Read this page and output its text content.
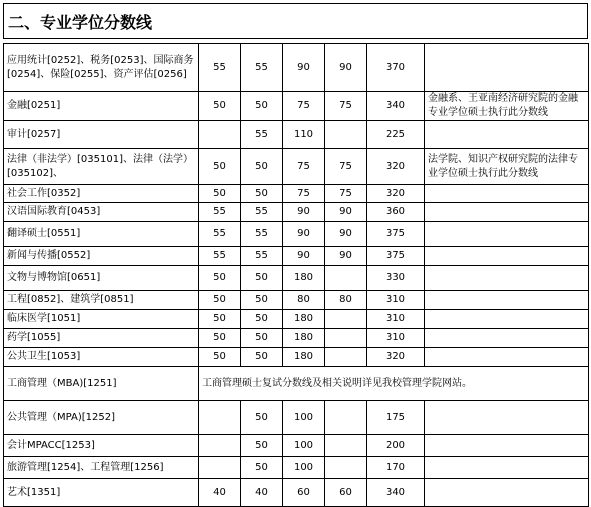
二、专业学位分数线
应用统计[0252]、税务[0253]、国际商务[0254]、保险[0255]、资产评估[0256]	55	55	90	90	370	
金融[0251]	50	50	75	75	340	金融系、王亚南经济研究院的金融专业学位硕士执行此分数线
审计[0257]		55	110		225	
法律（非法学）[035101]、法律（法学）[035102]、	50	50	75	75	320	法学院、知识产权研究院的法律专业学位硕士执行此分数线
社会工作[0352]	50	50	75	75	320	
汉语国际教育[0453]	55	55	90	90	360	
翻译硕士[0551]	55	55	90	90	375	
新闻与传播[0552]	55	55	90	90	375	
文物与博物馆[0651]	50	50	180		330	
工程[0852]、建筑学[0851]	50	50	80	80	310	
临床医学[1051]	50	50	180		310	
药学[1055]	50	50	180		310	
公共卫生[1053]	50	50	180		320	
工商管理（MBA)[1251]	工商管理硕士复试分数线及相关说明详见我校管理学院网站。					
公共管理（MPA)[1252]		50	100		175	
会计MPACC[1253]		50	100		200	
旅游管理[1254]、工程管理[1256]		50	100		170	
艺术[1351]	40	40	60	60	340	
